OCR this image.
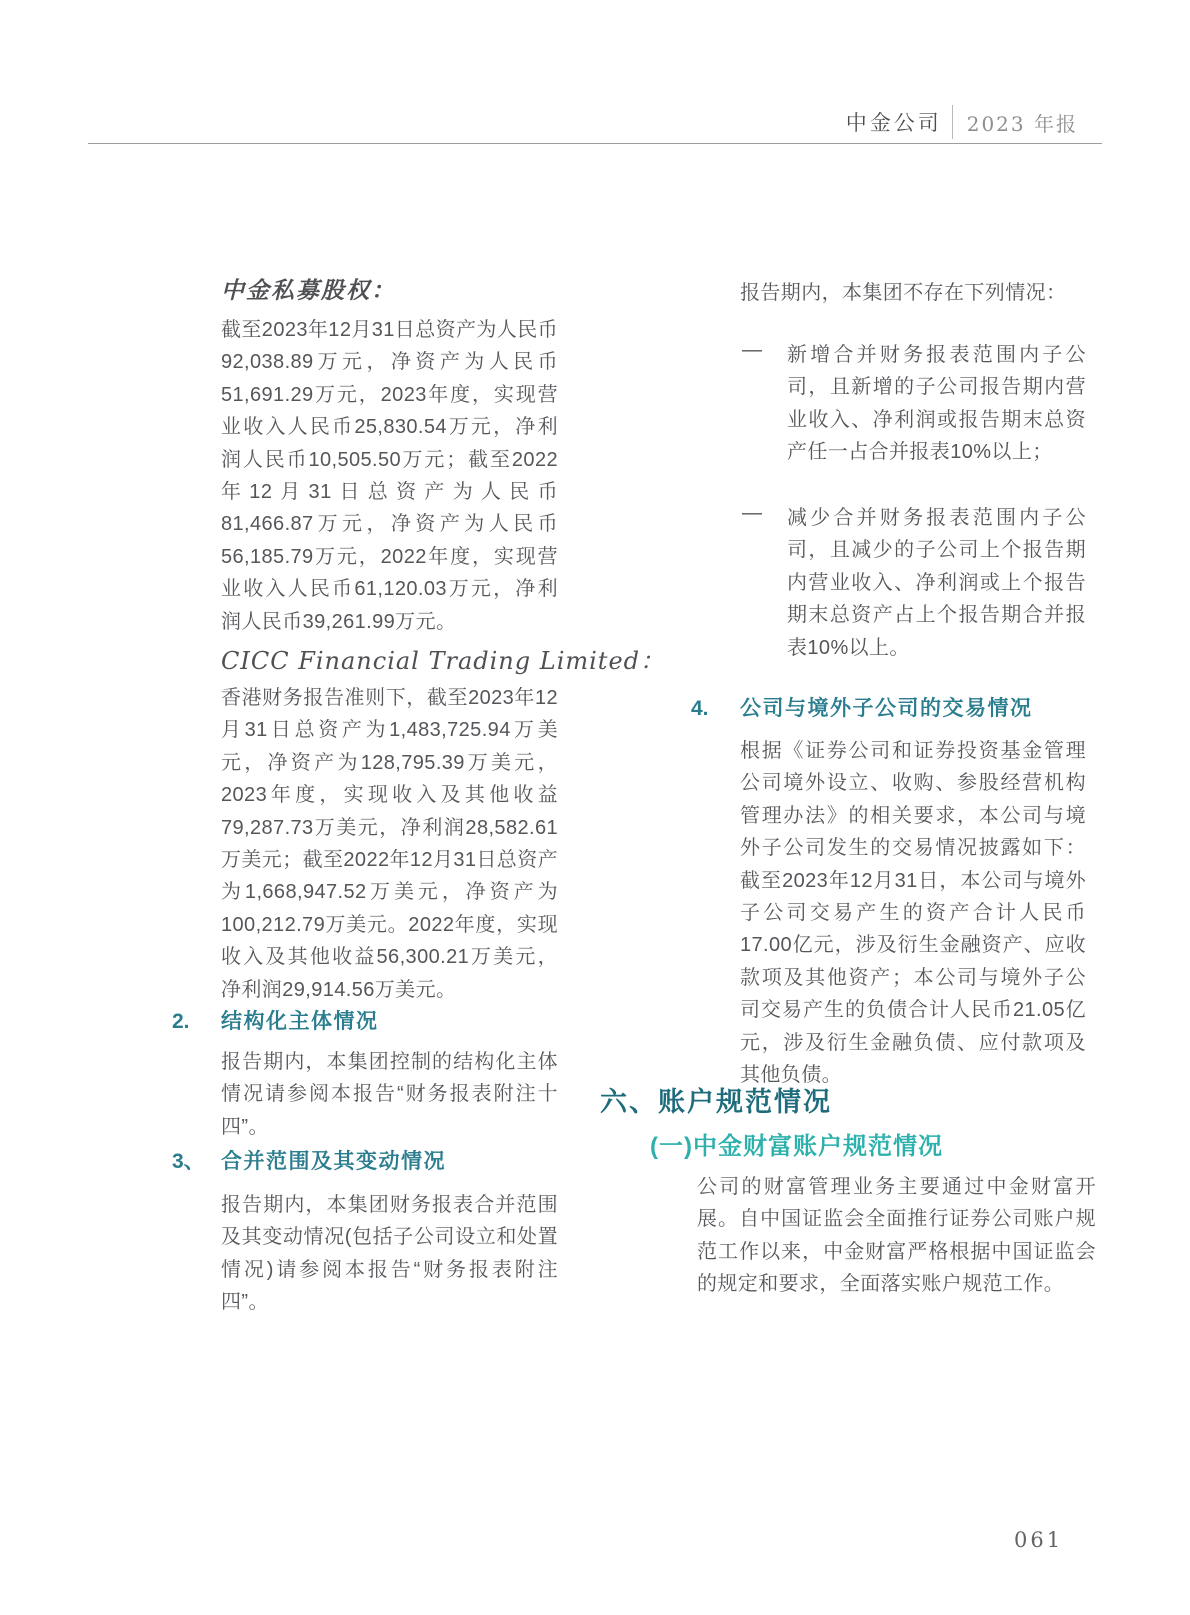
中金公司 2023 年报
中金私募股权：
截至2023年12月31日总资产为人民币92,038.89万元，净资产为人民币51,691.29万元，2023年度，实现营业收入人民币25,830.54万元，净利润人民币10,505.50万元；截至2022年12月31日总资产为人民币81,466.87万元，净资产为人民币56,185.79万元，2022年度，实现营业收入人民币61,120.03万元，净利润人民币39,261.99万元。
CICC Financial Trading Limited：
香港财务报告准则下，截至2023年12月31日总资产为1,483,725.94万美元，净资产为128,795.39万美元，2023年度，实现收入及其他收益79,287.73万美元，净利润28,582.61万美元；截至2022年12月31日总资产为1,668,947.52万美元，净资产为100,212.79万美元。2022年度，实现收入及其他收益56,300.21万美元，净利润29,914.56万美元。
2. 结构化主体情况
报告期内，本集团控制的结构化主体情况请参阅本报告“财务报表附注十四”。
3、 合并范围及其变动情况
报告期内，本集团财务报表合并范围及其变动情况(包括子公司设立和处置情况)请参阅本报告“财务报表附注四”。
报告期内，本集团不存在下列情况：
— 新增合并财务报表范围内子公司，且新增的子公司报告期内营业收入、净利润或报告期末总资产任一占合并报表10%以上；
— 减少合并财务报表范围内子公司，且减少的子公司上个报告期内营业收入、净利润或上个报告期末总资产占上个报告期合并报表10%以上。
4. 公司与境外子公司的交易情况
根据《证券公司和证券投资基金管理公司境外设立、收购、参股经营机构管理办法》的相关要求，本公司与境外子公司发生的交易情况披露如下：截至2023年12月31日，本公司与境外子公司交易产生的资产合计人民币17.00亿元，涉及衍生金融资产、应收款项及其他资产；本公司与境外子公司交易产生的负债合计人民币21.05亿元，涉及衍生金融负债、应付款项及其他负债。
六、账户规范情况
(一)中金财富账户规范情况
公司的财富管理业务主要通过中金财富开展。自中国证监会全面推行证券公司账户规范工作以来，中金财富严格根据中国证监会的规定和要求，全面落实账户规范工作。
061
